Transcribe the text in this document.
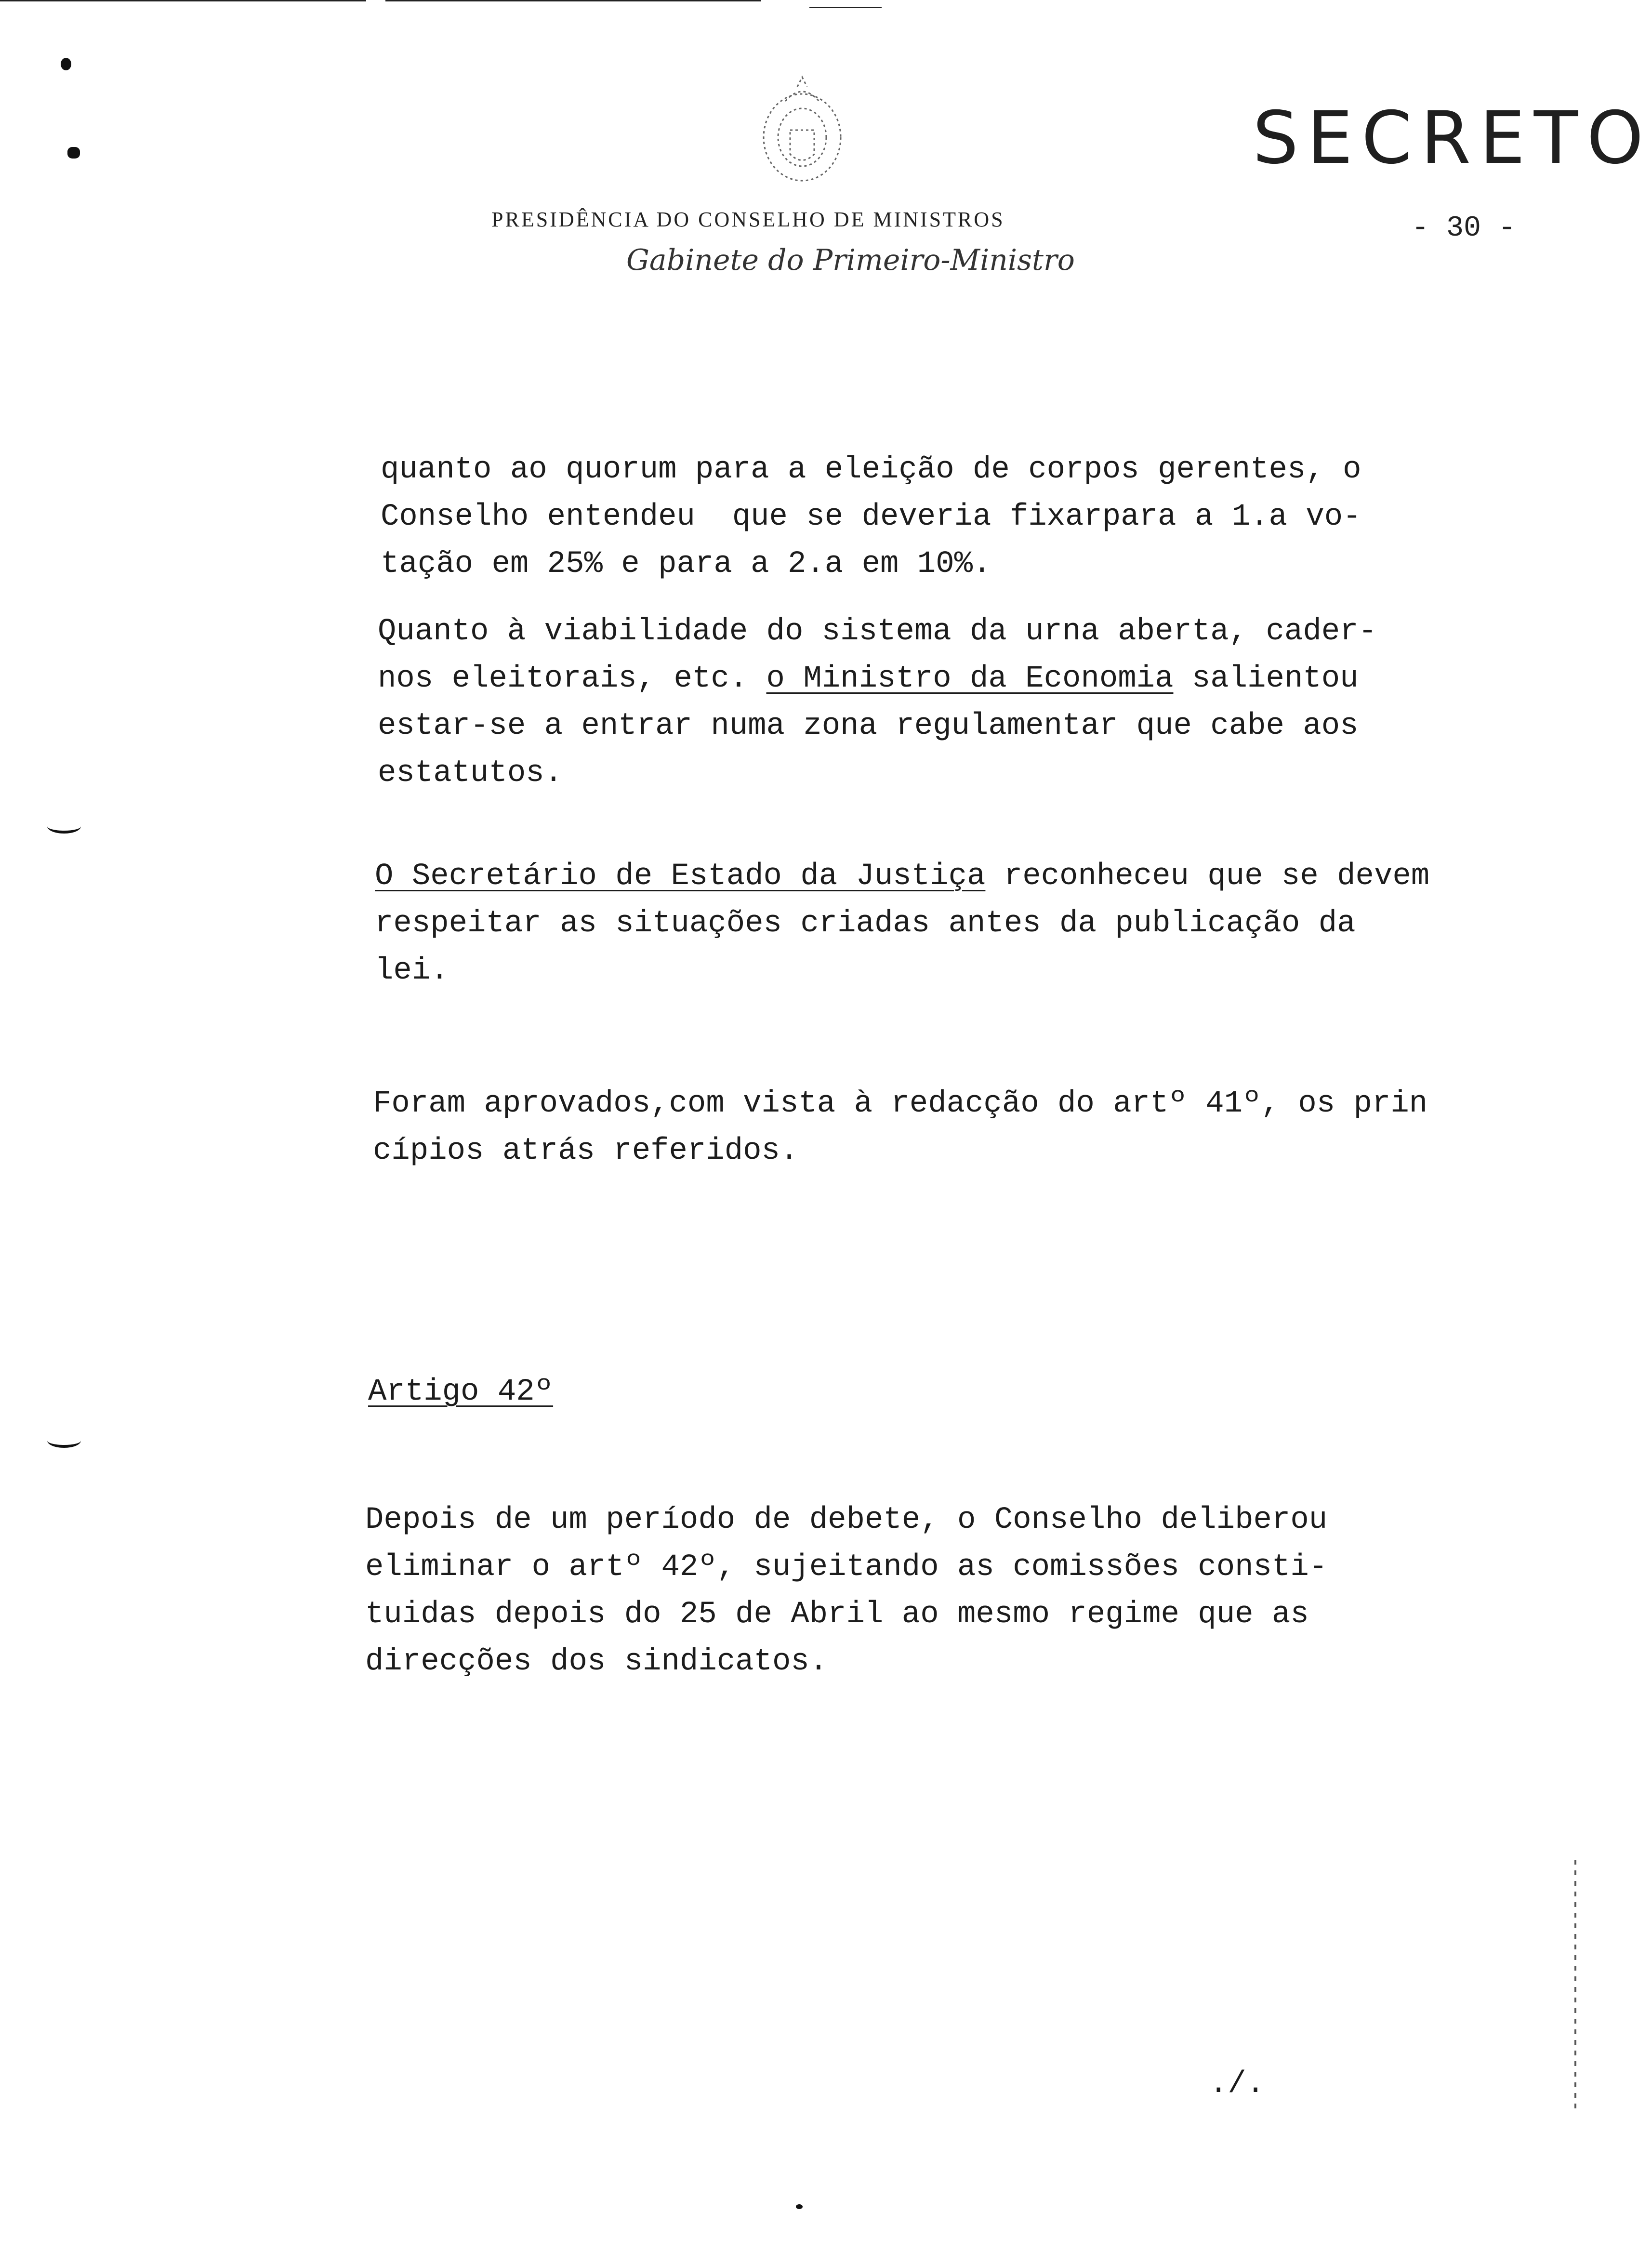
SECRETO
PRESIDÊNCIA DO CONSELHO DE MINISTROS
Gabinete do Primeiro-Ministro
- 30 -
quanto ao quorum para a eleição de corpos gerentes, o
Conselho entendeu  que se deveria fixarpara a 1.a vo-
tação em 25% e para a 2.a em 10%.
Quanto à viabilidade do sistema da urna aberta, cader-
nos eleitorais, etc. o Ministro da Economia salientou
estar-se a entrar numa zona regulamentar que cabe aos
estatutos.
O Secretário de Estado da Justiça reconheceu que se devem
respeitar as situações criadas antes da publicação da
lei.
Foram aprovados,com vista à redacção do artº 41º, os prin
cípios atrás referidos.
Artigo 42º
Depois de um período de debete, o Conselho deliberou
eliminar o artº 42º, sujeitando as comissões consti-
tuidas depois do 25 de Abril ao mesmo regime que as
direcções dos sindicatos.
./.
